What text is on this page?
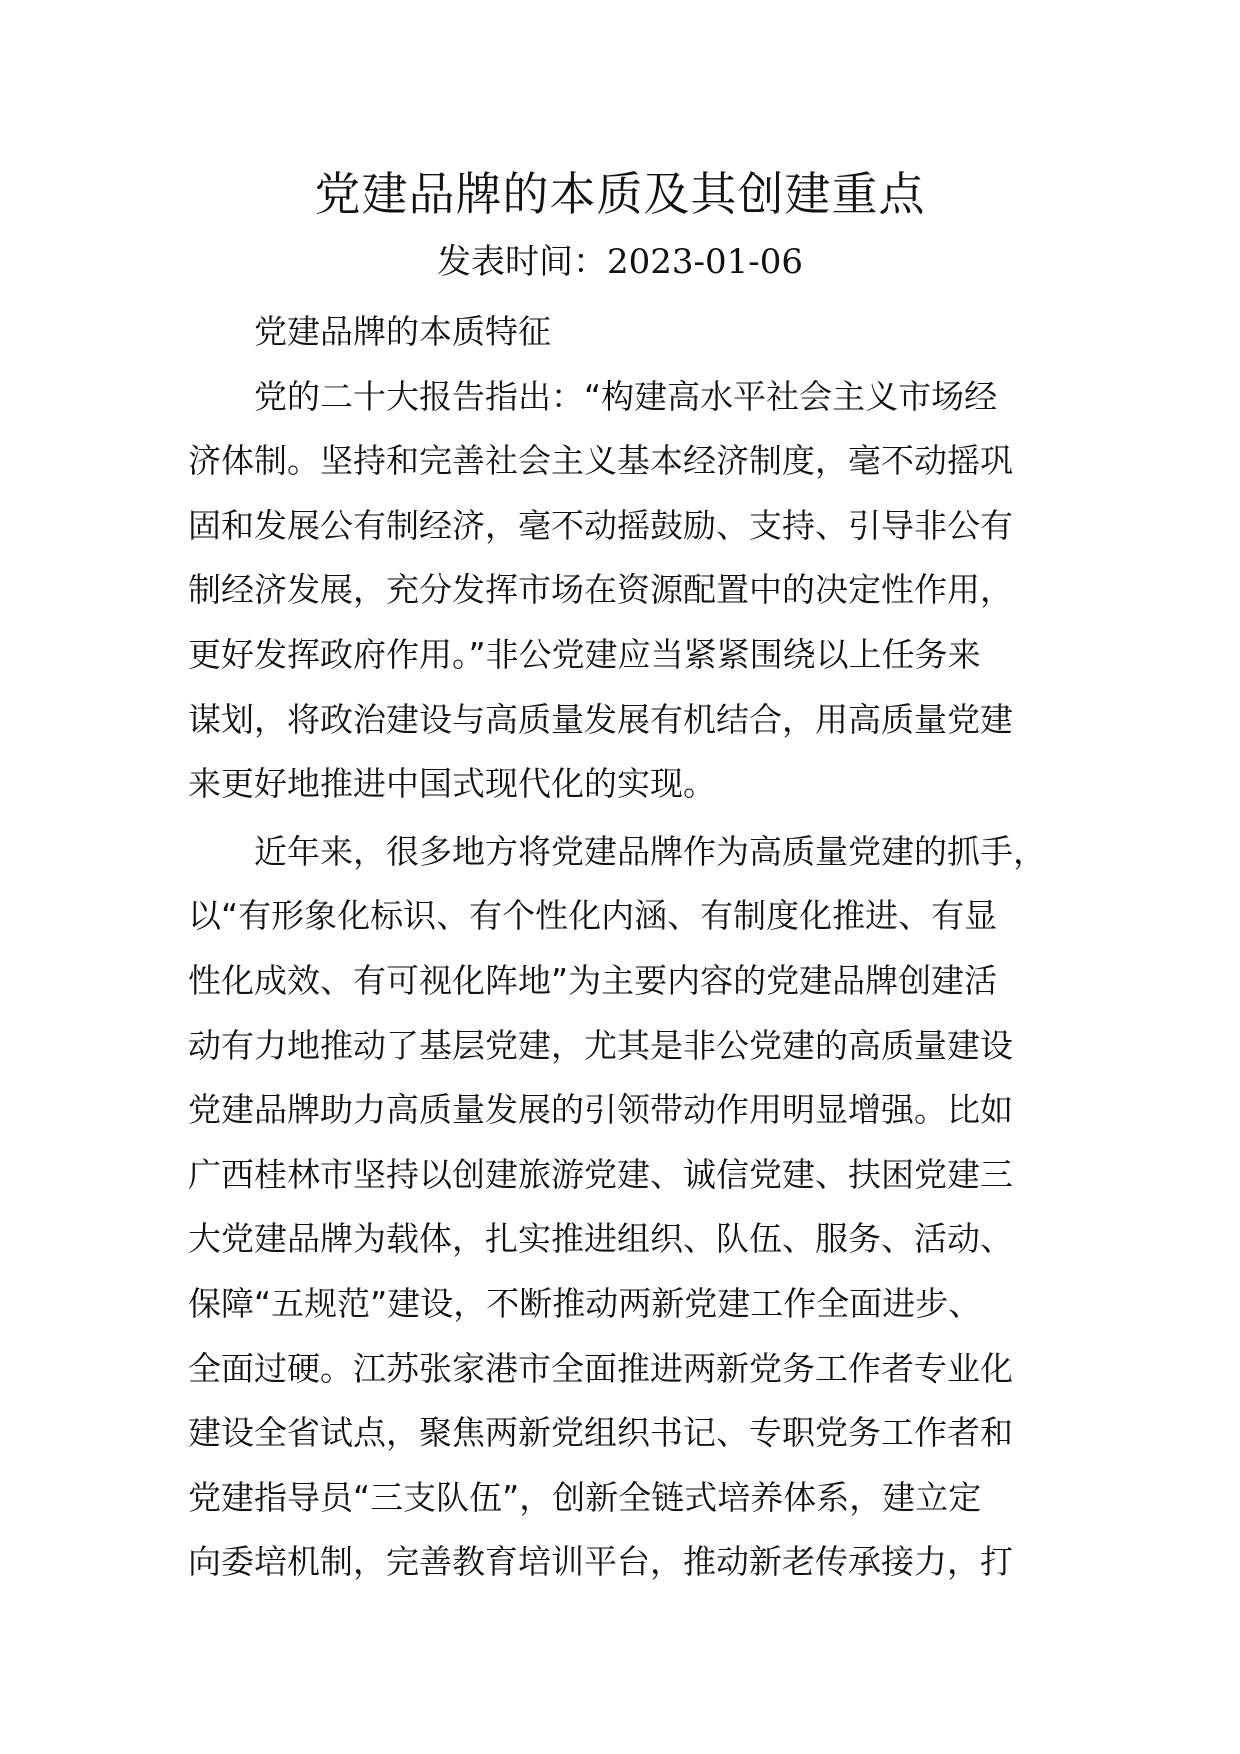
党建品牌的本质及其创建重点
发表时间：2023-01-06
党建品牌的本质特征
党的二十大报告指出：“构建高水平社会主义市场经
济体制。坚持和完善社会主义基本经济制度，毫不动摇巩
固和发展公有制经济，毫不动摇鼓励、支持、引导非公有
制经济发展，充分发挥市场在资源配置中的决定性作用，
更好发挥政府作用。”非公党建应当紧紧围绕以上任务来
谋划，将政治建设与高质量发展有机结合，用高质量党建
来更好地推进中国式现代化的实现。
近年来，很多地方将党建品牌作为高质量党建的抓手，
以“有形象化标识、有个性化内涵、有制度化推进、有显
性化成效、有可视化阵地”为主要内容的党建品牌创建活
动有力地推动了基层党建，尤其是非公党建的高质量建设
党建品牌助力高质量发展的引领带动作用明显增强。比如
广西桂林市坚持以创建旅游党建、诚信党建、扶困党建三
大党建品牌为载体，扎实推进组织、队伍、服务、活动、
保障“五规范”建设，不断推动两新党建工作全面进步、
全面过硬。江苏张家港市全面推进两新党务工作者专业化
建设全省试点，聚焦两新党组织书记、专职党务工作者和
党建指导员“三支队伍”，创新全链式培养体系，建立定
向委培机制，完善教育培训平台，推动新老传承接力，打
